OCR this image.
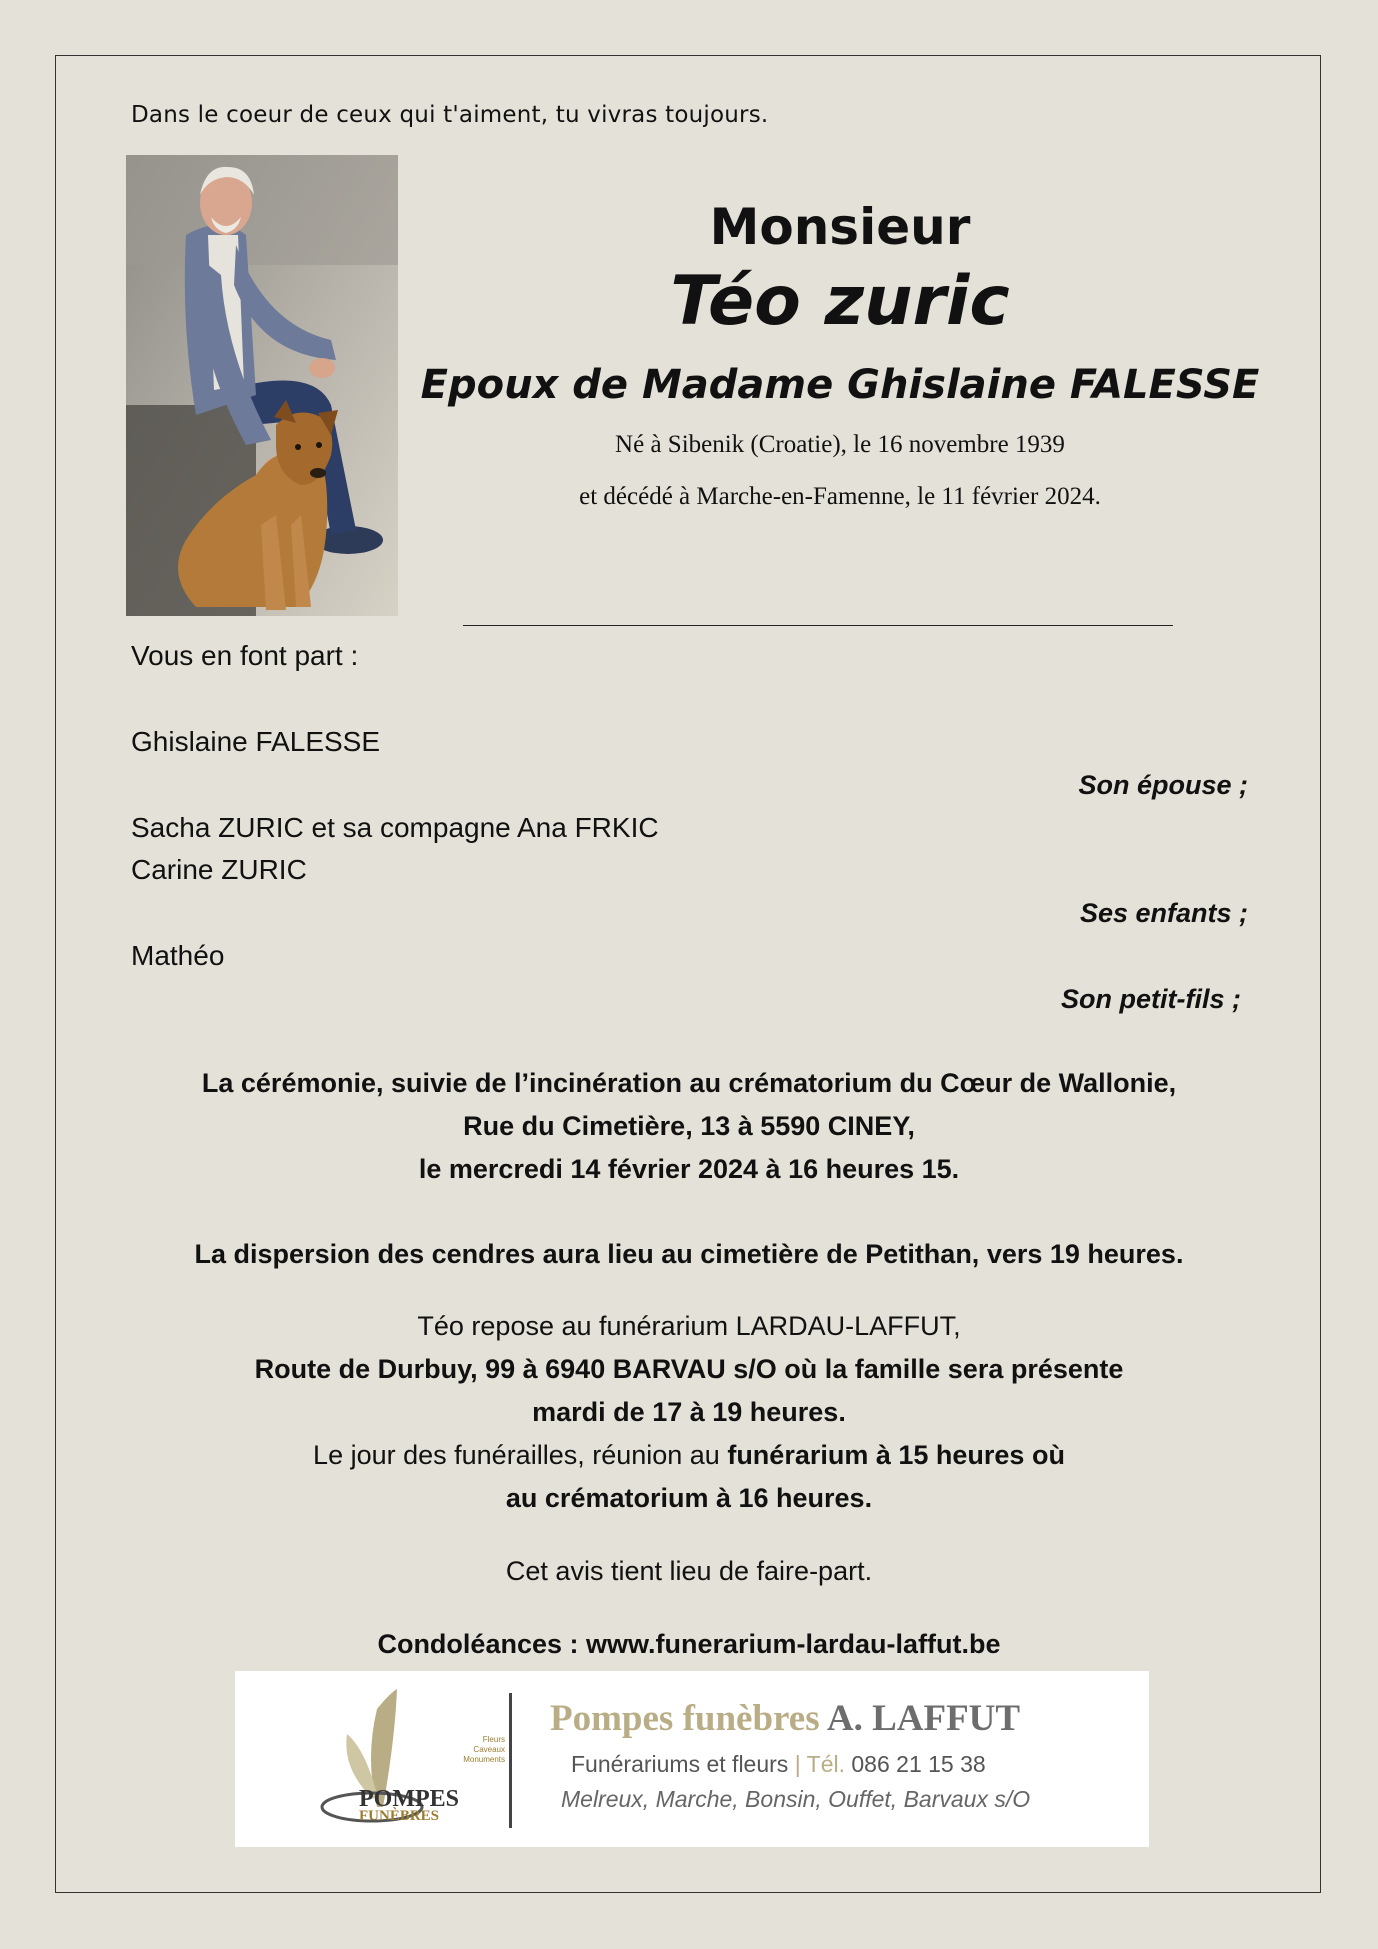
Dans le coeur de ceux qui t'aiment, tu vivras toujours.
Monsieur
Téo zuric
Epoux de Madame Ghislaine FALESSE
Né à Sibenik (Croatie), le 16 novembre 1939
et décédé à Marche-en-Famenne, le 11 février 2024.
Vous en font part :
Ghislaine FALESSE
Son épouse ;
Sacha ZURIC et sa compagne Ana FRKIC
Carine ZURIC
Ses enfants ;
Mathéo
Son petit-fils ;
La cérémonie, suivie de l’incinération au crématorium du Cœur de Wallonie,
Rue du Cimetière, 13 à 5590 CINEY,
le mercredi 14 février 2024 à 16 heures 15.
La dispersion des cendres aura lieu au cimetière de Petithan, vers 19 heures.
Téo repose au funérarium LARDAU-LAFFUT,
Route de Durbuy, 99 à 6940 BARVAU s/O où la famille sera présente
mardi de 17 à 19 heures.
Le jour des funérailles, réunion au funérarium à 15 heures où
au crématorium à 16 heures.
Cet avis tient lieu de faire-part.
Condoléances : www.funerarium-lardau-laffut.be
Fleurs
Caveaux
Monuments
POMPES
FUNÈBRES
Pompes funèbres A. LAFFUT
Funérariums et fleurs | Tél. 086 21 15 38
Melreux, Marche, Bonsin, Ouffet, Barvaux s/O
